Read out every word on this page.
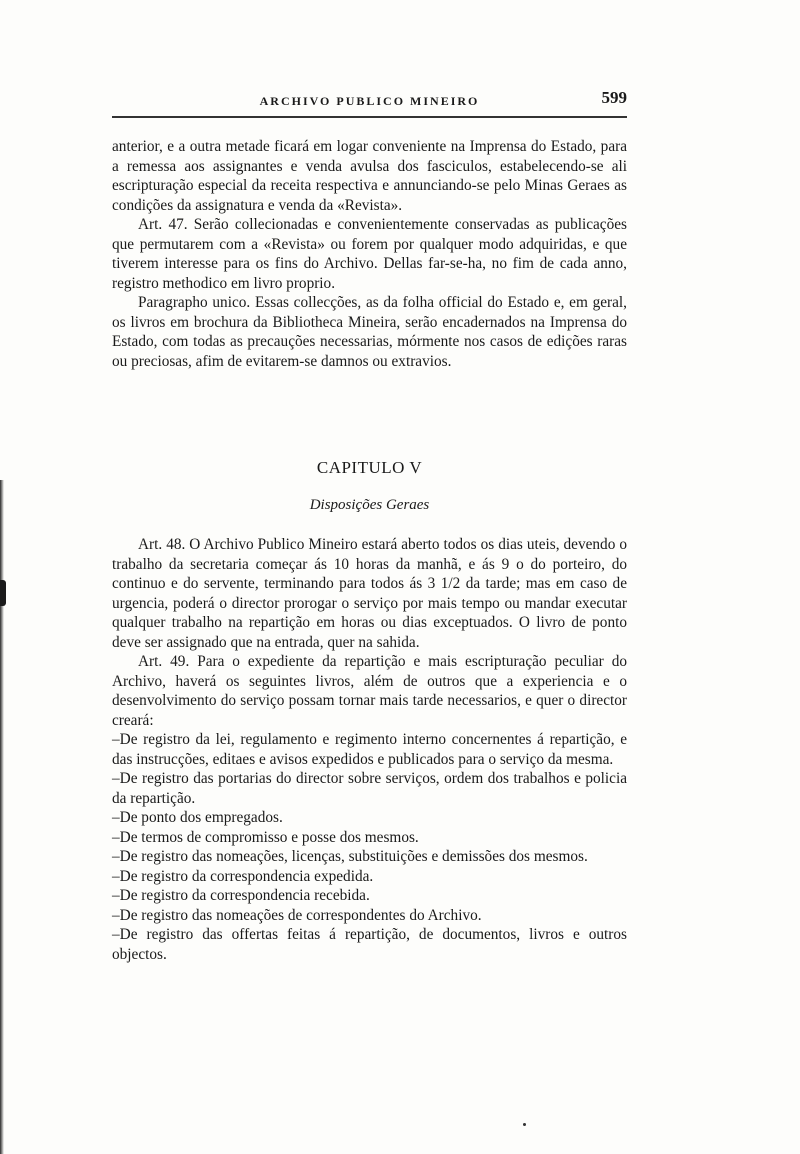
ARCHIVO PUBLICO MINEIRO	599

anterior, e a outra metade ficará em logar conveniente na Imprensa do Estado, para a remessa aos assignantes e venda avulsa dos fasciculos, estabelecendo-se ali escripturação especial da receita respectiva e annunciando-se pelo Minas Geraes as condições da assignatura e venda da «Revista».

Art. 47. Serão collecionadas e convenientemente conservadas as publicações que permutarem com a «Revista» ou forem por qualquer modo adquiridas, e que tiverem interesse para os fins do Archivo. Dellas far-se-ha, no fim de cada anno, registro methodico em livro proprio.

Paragrapho unico. Essas collecções, as da folha official do Estado e, em geral, os livros em brochura da Bibliotheca Mineira, serão encadernados na Imprensa do Estado, com todas as precauções necessarias, mórmente nos casos de edições raras ou preciosas, afim de evitarem-se damnos ou extravios.

CAPITULO V
Disposições Geraes

Art. 48. O Archivo Publico Mineiro estará aberto todos os dias uteis, devendo o trabalho da secretaria começar ás 10 horas da manhã, e ás 9 o do porteiro, do continuo e do servente, terminando para todos ás 3 1/2 da tarde; mas em caso de urgencia, poderá o director prorogar o serviço por mais tempo ou mandar executar qualquer trabalho na repartição em horas ou dias exceptuados. O livro de ponto deve ser assignado que na entrada, quer na sahida.

Art. 49. Para o expediente da repartição e mais escripturação peculiar do Archivo, haverá os seguintes livros, além de outros que a experiencia e o desenvolvimento do serviço possam tornar mais tarde necessarios, e quer o director creará:

–De registro da lei, regulamento e regimento interno concernentes á repartição, e das instrucções, editaes e avisos expedidos e publicados para o serviço da mesma.

–De registro das portarias do director sobre serviços, ordem dos trabalhos e policia da repartição.

–De ponto dos empregados.

–De termos de compromisso e posse dos mesmos.

–De registro das nomeações, licenças, substituições e demissões dos mesmos.

–De registro da correspondencia expedida.

–De registro da correspondencia recebida.

–De registro das nomeações de correspondentes do Archivo.

–De registro das offertas feitas á repartição, de documentos, livros e outros objectos.
